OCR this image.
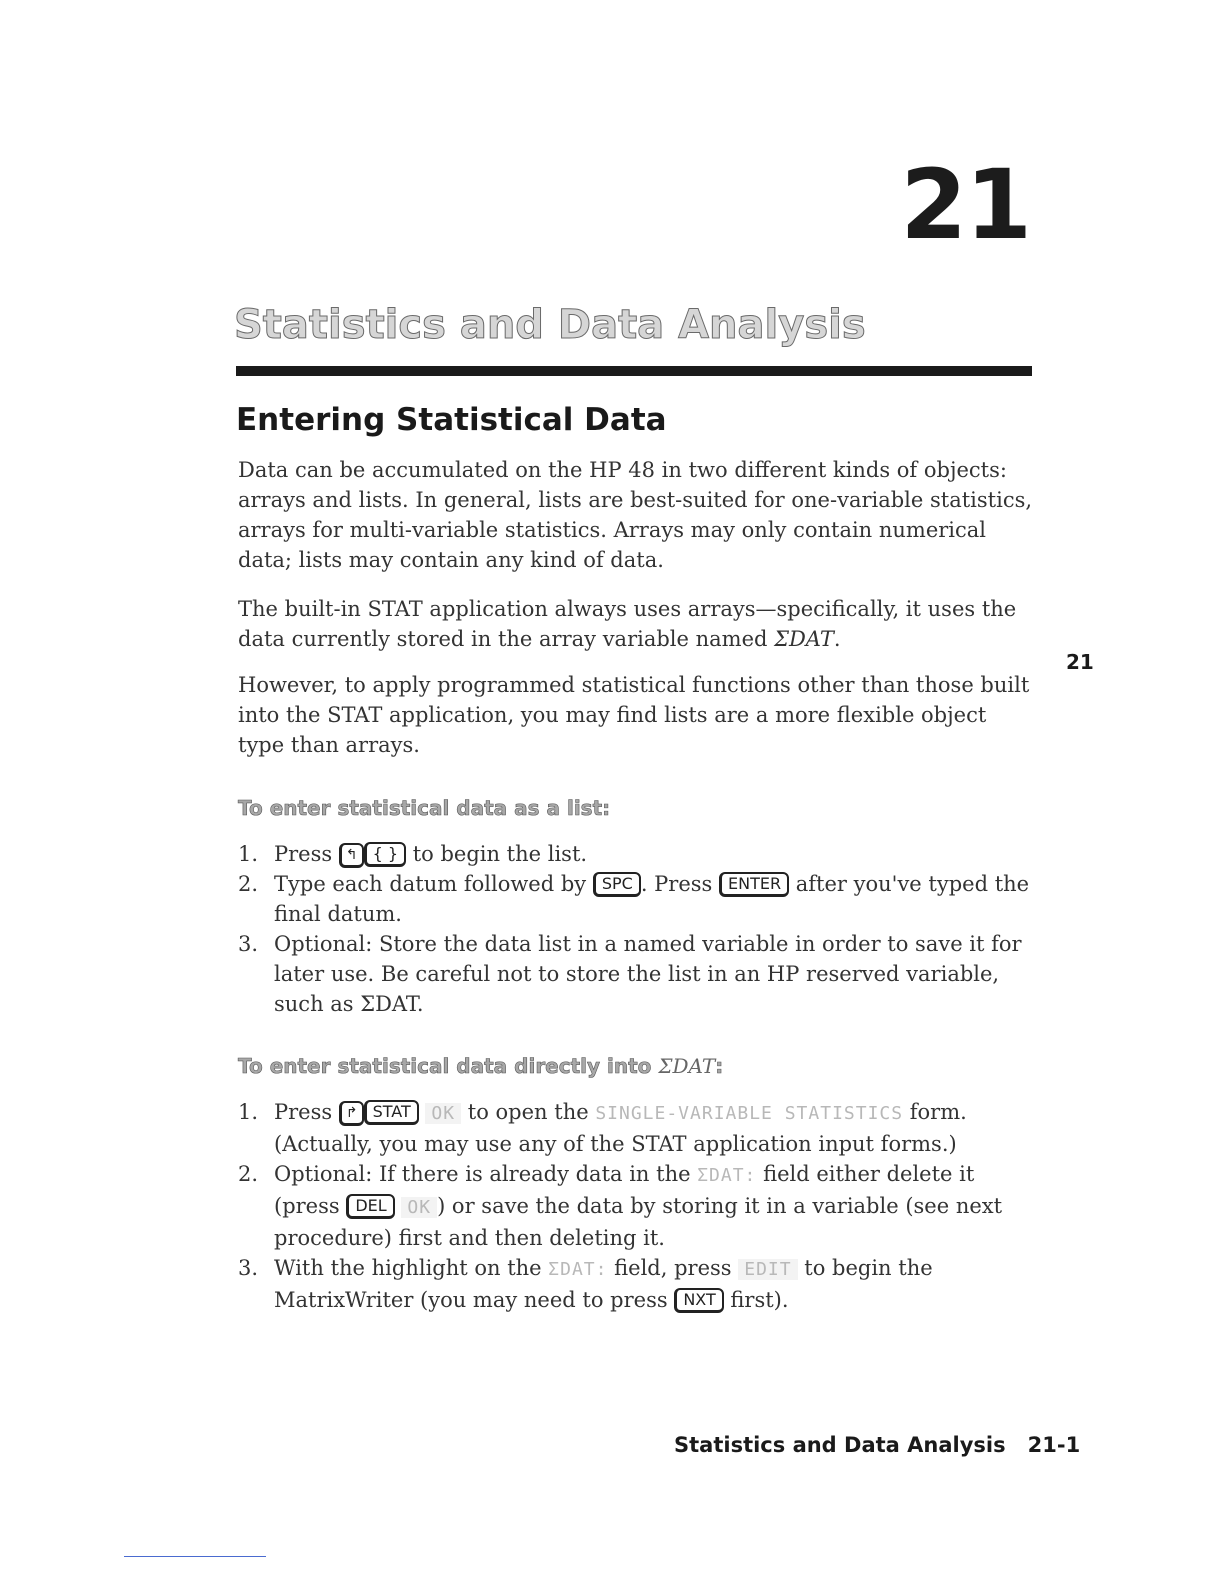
21
Statistics and Data Analysis
Entering Statistical Data
Data can be accumulated on the HP 48 in two different kinds of objects: arrays and lists. In general, lists are best-suited for one-variable statistics, arrays for multi-variable statistics. Arrays may only contain numerical data; lists may contain any kind of data.
The built-in STAT application always uses arrays—specifically, it uses the data currently stored in the array variable named ΣDAT.
21
However, to apply programmed statistical functions other than those built into the STAT application, you may find lists are a more flexible object type than arrays.
To enter statistical data as a list:
1. Press ↰ { } to begin the list.
2. Type each datum followed by SPC . Press ENTER after you've typed the final datum.
3. Optional: Store the data list in a named variable in order to save it for later use. Be careful not to store the list in an HP reserved variable, such as ΣDAT.
To enter statistical data directly into ΣDAT:
1. Press ↱ STAT OK to open the SINGLE-VARIABLE STATISTICS form. (Actually, you may use any of the STAT application input forms.)
2. Optional: If there is already data in the ΣDAT: field either delete it (press DEL OK ) or save the data by storing it in a variable (see next procedure) first and then deleting it.
3. With the highlight on the ΣDAT: field, press EDIT to begin the MatrixWriter (you may need to press NXT first).
Statistics and Data Analysis 21-1
